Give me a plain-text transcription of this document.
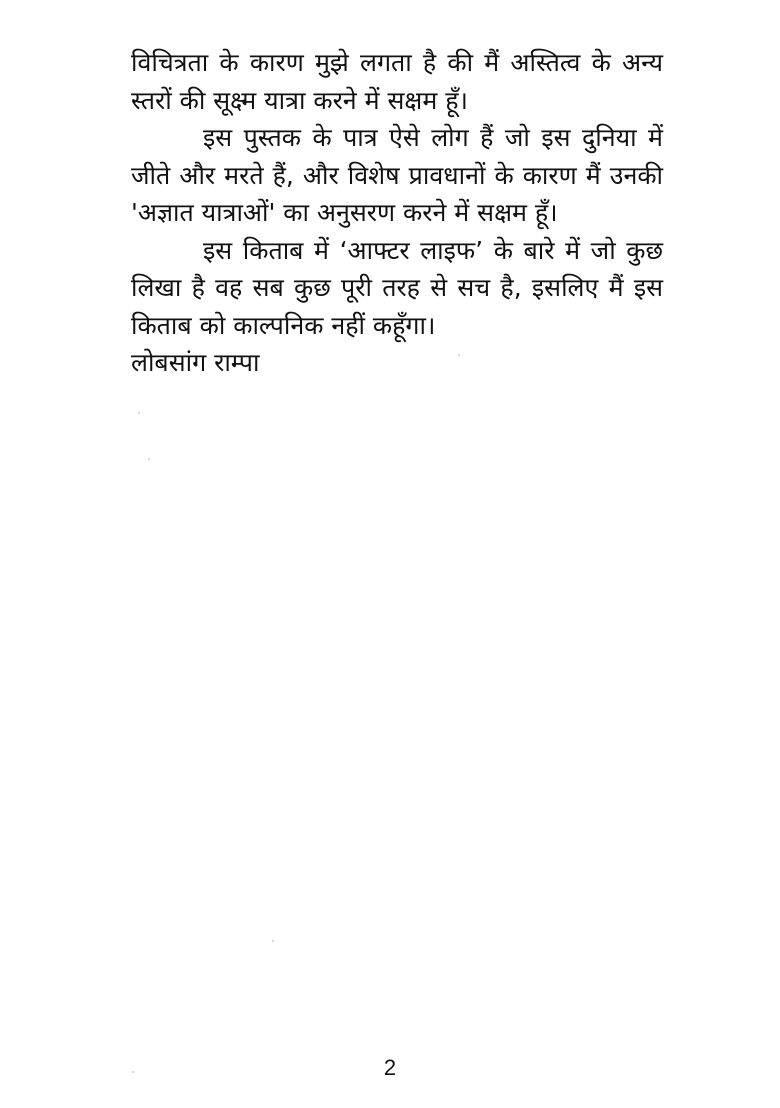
विचित्रता के कारण मुझे लगता है की मैं अस्तित्व के अन्य स्तरों की सूक्ष्म यात्रा करने में सक्षम हूँ।

इस पुस्तक के पात्र ऐसे लोग हैं जो इस दुनिया में जीते और मरते हैं, और विशेष प्रावधानों के कारण मैं उनकी 'अज्ञात यात्राओं' का अनुसरण करने में सक्षम हूँ।

इस किताब में ‘आफ्टर लाइफ’ के बारे में जो कुछ लिखा है वह सब कुछ पूरी तरह से सच है, इसलिए मैं इस किताब को काल्पनिक नहीं कहूँगा।

लोबसांग राम्पा

2
